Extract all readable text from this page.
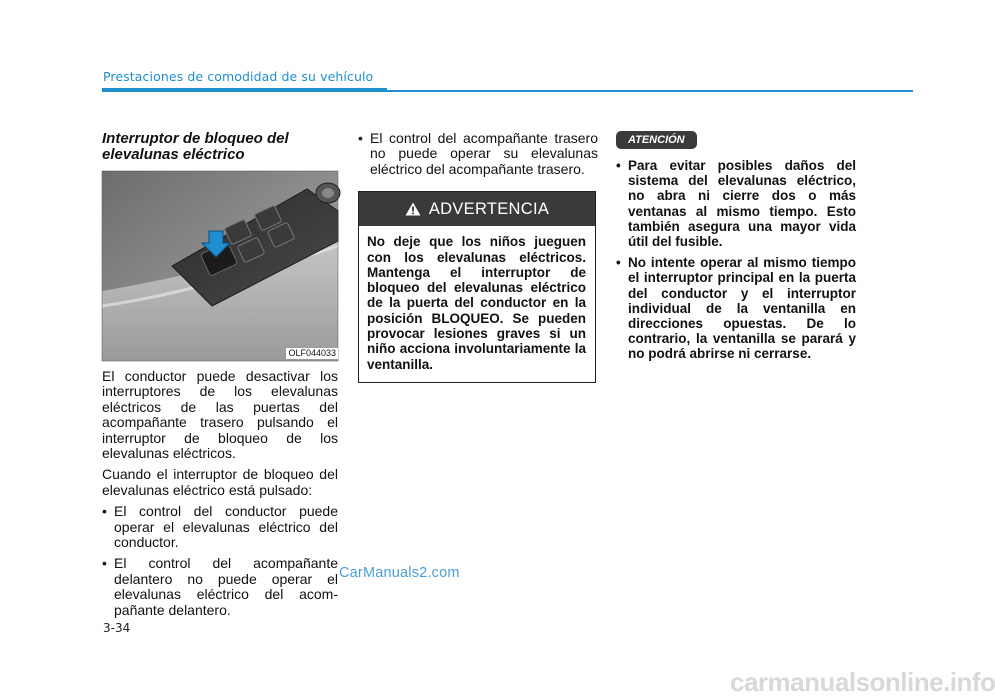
Prestaciones de comodidad de su vehículo
Interruptor de bloqueo del elevalunas eléctrico
OLF044033

El conductor puede desactivar los interruptores de los elevalunas eléctricos de las puertas del acompañante trasero pulsando el interruptor de bloqueo de los elevalunas eléctricos.

Cuando el interruptor de bloqueo del elevalunas eléctrico está pulsado:

• El control del conductor puede operar el elevalunas eléctrico del conductor.
• El control del acompañante delantero no puede operar el elevalunas eléctrico del acom-pañante delantero.
• El control del acompañante trasero no puede operar su elevalunas eléctrico del acompañante trasero.
ADVERTENCIA
No deje que los niños jueguen con los elevalunas eléctricos. Mantenga el interruptor de bloqueo del elevalunas eléctrico de la puerta del conductor en la posición BLOQUEO. Se pueden provocar lesiones graves si un niño acciona involuntariamente la ventanilla.
ATENCIÓN
• Para evitar posibles daños del sistema del elevalunas eléctrico, no abra ni cierre dos o más ventanas al mismo tiempo. Esto también asegura una mayor vida útil del fusible.
• No intente operar al mismo tiempo el interruptor principal en la puerta del conductor y el interruptor individual de la ventanilla en direcciones opuestas. De lo contrario, la ventanilla se parará y no podrá abrirse ni cerrarse.
3-34
CarManuals2.com
carmanualsonline.info
